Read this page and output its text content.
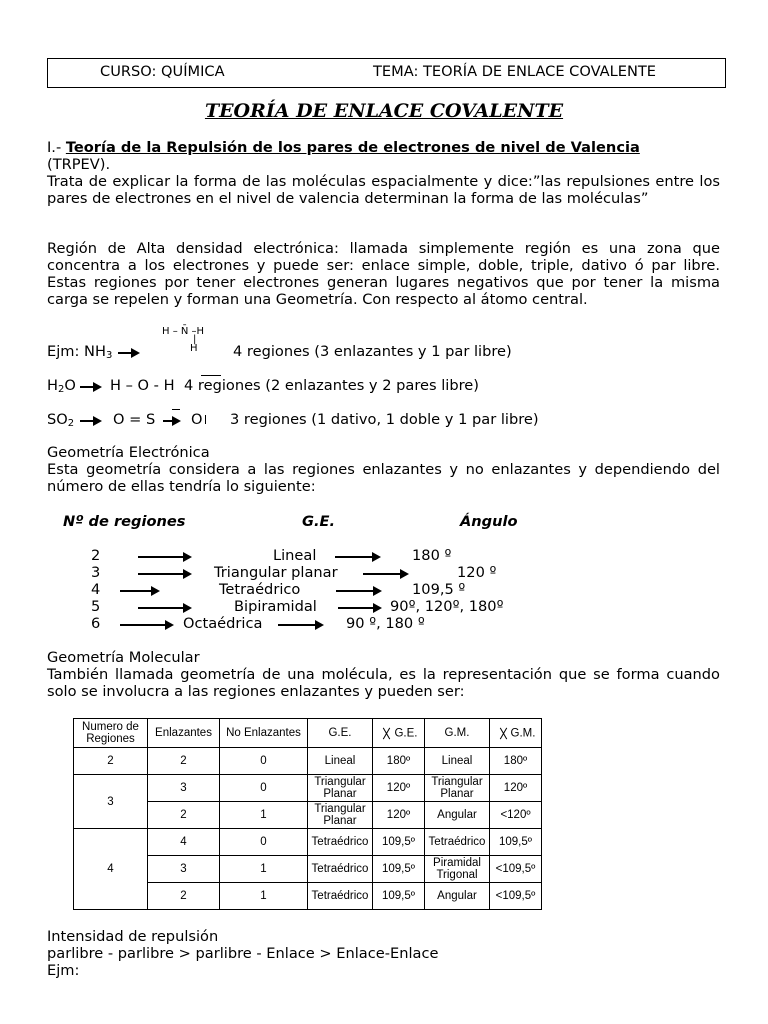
CURSO: QUÍMICA	TEMA: TEORÍA DE ENLACE COVALENTE
TEORÍA DE ENLACE COVALENTE
I.- Teoría de la Repulsión de los pares de electrones de nivel de Valencia
(TRPEV).
Trata de explicar la forma de las moléculas espacialmente y dice:”las repulsiones entre los pares de electrones en el nivel de valencia determinan la forma de las moléculas”
Región de Alta densidad electrónica: llamada simplemente región es una zona que concentra a los electrones y puede ser: enlace simple, doble, triple, dativo ó par libre. Estas regiones por tener electrones generan lugares negativos que por tener la misma carga se repelen y forman una Geometría. Con respecto al átomo central.
H – N̄ –H
|
H
Ejm: NH3	4 regiones (3 enlazantes y 1 par libre)
H2O H – O - H 4 regiones (2 enlazantes y 2 pares libre)
SO2	O = S O 3 regiones (1 dativo, 1 doble y 1 par libre)
Geometría Electrónica
Esta geometría considera a las regiones enlazantes y no enlazantes y dependiendo del número de ellas tendría lo siguiente:
Nº de regiones	G.E.	Ángulo
2	Lineal	180 º
3	Triangular planar	120 º
4	Tetraédrico	109,5 º
5	Bipiramidal	90º, 120º, 180º
6	Octaédrica	90 º, 180 º
Geometría Molecular
También llamada geometría de una molécula, es la representación que se forma cuando solo se involucra a las regiones enlazantes y pueden ser:
Numero de Regiones	Enlazantes	No Enlazantes	G.E.	G.E.	G.M.	G.M.
2	2	0	Lineal	180º	Lineal	180º
3	3	0	Triangular Planar	120º	Triangular Planar	120º
	2	1	Triangular Planar	120º	Angular	<120º
4	4	0	Tetraédrico	109,5º	Tetraédrico	109,5º
	3	1	Tetraédrico	109,5º	Piramidal Trigonal	<109,5º
	2	1	Tetraédrico	109,5º	Angular	<109,5º
Intensidad de repulsión
parlibre - parlibre > parlibre - Enlace > Enlace-Enlace
Ejm:
